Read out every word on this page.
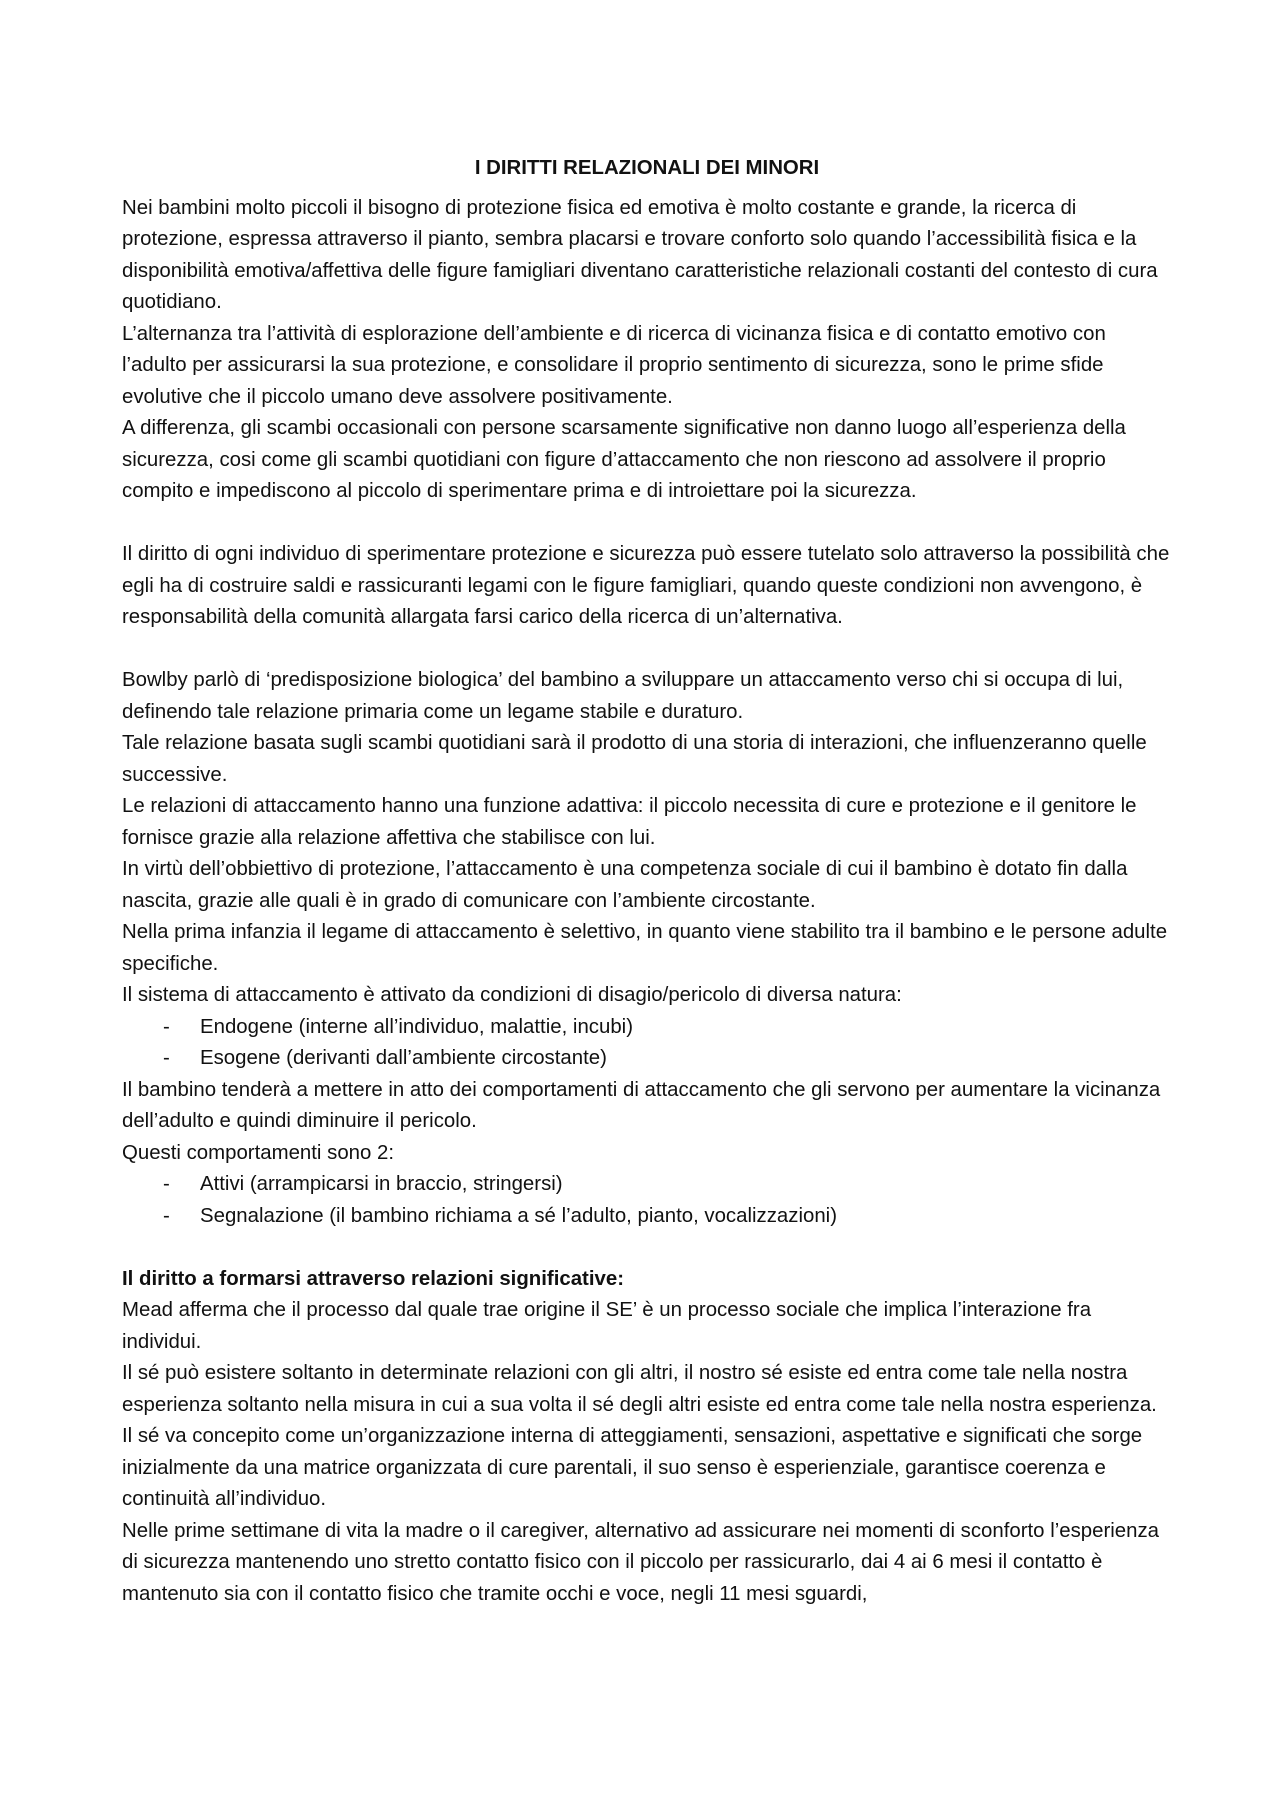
I DIRITTI RELAZIONALI DEI MINORI

Nei bambini molto piccoli il bisogno di protezione fisica ed emotiva è molto costante e grande, la ricerca di protezione, espressa attraverso il pianto, sembra placarsi e trovare conforto solo quando l’accessibilità fisica e la disponibilità emotiva/affettiva delle figure famigliari diventano caratteristiche relazionali costanti del contesto di cura quotidiano.

L’alternanza tra l’attività di esplorazione dell’ambiente e di ricerca di vicinanza fisica e di contatto emotivo con l’adulto per assicurarsi la sua protezione, e consolidare il proprio sentimento di sicurezza, sono le prime sfide evolutive che il piccolo umano deve assolvere positivamente.

A differenza, gli scambi occasionali con persone scarsamente significative non danno luogo all’esperienza della sicurezza, cosi come gli scambi quotidiani con figure d’attaccamento che non riescono ad assolvere il proprio compito e impediscono al piccolo di sperimentare prima e di introiettare poi la sicurezza.

Il diritto di ogni individuo di sperimentare protezione e sicurezza può essere tutelato solo attraverso la possibilità che egli ha di costruire saldi e rassicuranti legami con le figure famigliari, quando queste condizioni non avvengono, è responsabilità della comunità allargata farsi carico della ricerca di un’alternativa.

Bowlby parlò di ‘predisposizione biologica’ del bambino a sviluppare un attaccamento verso chi si occupa di lui, definendo tale relazione primaria come un legame stabile e duraturo.

Tale relazione basata sugli scambi quotidiani sarà il prodotto di una storia di interazioni, che influenzeranno quelle successive.

Le relazioni di attaccamento hanno una funzione adattiva: il piccolo necessita di cure e protezione e il genitore le fornisce grazie alla relazione affettiva che stabilisce con lui.

In virtù dell’obbiettivo di protezione, l’attaccamento è una competenza sociale di cui il bambino è dotato fin dalla nascita, grazie alle quali è in grado di comunicare con l’ambiente circostante.

Nella prima infanzia il legame di attaccamento è selettivo, in quanto viene stabilito tra il bambino e le persone adulte specifiche.

Il sistema di attaccamento è attivato da condizioni di disagio/pericolo di diversa natura:

- Endogene (interne all’individuo, malattie, incubi)
- Esogene (derivanti dall’ambiente circostante)

Il bambino tenderà a mettere in atto dei comportamenti di attaccamento che gli servono per aumentare la vicinanza dell’adulto e quindi diminuire il pericolo.

Questi comportamenti sono 2:

- Attivi (arrampicarsi in braccio, stringersi)
- Segnalazione (il bambino richiama a sé l’adulto, pianto, vocalizzazioni)

Il diritto a formarsi attraverso relazioni significative:

Mead afferma che il processo dal quale trae origine il SE’ è un processo sociale che implica l’interazione fra individui.

Il sé può esistere soltanto in determinate relazioni con gli altri, il nostro sé esiste ed entra come tale nella nostra esperienza soltanto nella misura in cui a sua volta il sé degli altri esiste ed entra come tale nella nostra esperienza.

Il sé va concepito come un’organizzazione interna di atteggiamenti, sensazioni, aspettative e significati che sorge inizialmente da una matrice organizzata di cure parentali, il suo senso è esperienziale, garantisce coerenza e continuità all’individuo.

Nelle prime settimane di vita la madre o il caregiver, alternativo ad assicurare nei momenti di sconforto l’esperienza di sicurezza mantenendo uno stretto contatto fisico con il piccolo per rassicurarlo, dai 4 ai 6 mesi il contatto è mantenuto sia con il contatto fisico che tramite occhi e voce, negli 11 mesi sguardi,
